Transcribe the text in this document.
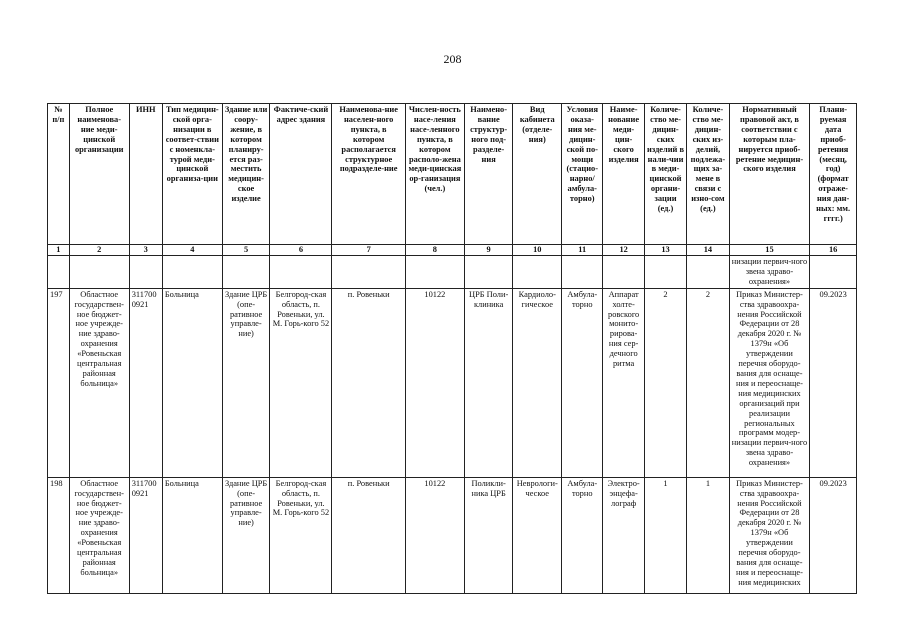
208
№ п/п	Полное наименова-ние меди-цинской организации	ИНН	Тип медицин-ской орга-низации в соответ-ствии с номенкла-турой меди-цинской организа-ции	Здание или соору-жение, в котором планиру-ется раз-местить медицин-ское изделие	Фактиче-ский адрес здания	Наименова-ние населен-ного пункта, в котором располагается структурное подразделе-ние	Числен-ность насе-ления насе-ленного пункта, в котором располо-жена меди-цинская ор-ганизация (чел.)	Наимено-вание структур-ного под-разделе-ния	Вид кабинета (отделе-ния)	Условия оказа-ния ме-дицин-ской по-мощи (стацио-нарно/ амбула-торно)	Наиме-нование меди-цин-ского изделия	Количе-ство ме-дицин-ских изделий в нали-чии в меди-цинской органи-зации (ед.)	Количе-ство ме-дицин-ских из-делий, подлежа-щих за-мене в связи с изно-сом (ед.)	Нормативный правовой акт, в соответствии с которым пла-нируется приоб-ретение медицин-ского изделия	Плани-руемая дата приоб-ретения (месяц, год) (формат отраже-ния дан-ных: мм. гггг.)
1	2	3	4	5	6	7	8	9	10	11	12	13	14	15	16
														низации первич-ного звена здраво-охранения»	
197	Областное государствен-ное бюджет-ное учрежде-ние здраво-охранения «Ровеньская центральная районная больница»	311700 0921	Больница	Здание ЦРБ (опе-ративное управле-ние)	Белгород-ская область, п. Ровеньки, ул. М. Горь-кого 52	п. Ровеньки	10122	ЦРБ Поли-клиника	Кардиоло-гическое	Амбула-торно	Аппарат холте-ровского монито-рирова-ния сер-дечного ритма	2	2	Приказ Министер-ства здравоохра-нения Российской Федерации от 28 декабря 2020 г. № 1379н «Об утверждении перечня оборудо-вания для оснаще-ния и переоснаще-ния медицинских организаций при реализации региональных программ модер-низации первич-ного звена здраво-охранения»	09.2023
198	Областное государствен-ное бюджет-ное учрежде-ние здраво-охранения «Ровеньская центральная районная больница»	311700 0921	Больница	Здание ЦРБ (опе-ративное управле-ние)	Белгород-ская область, п. Ровеньки, ул. М. Горь-кого 52	п. Ровеньки	10122	Поликли-ника ЦРБ	Неврологи-ческое	Амбула-торно	Электро-энцефа-лограф	1	1	Приказ Министер-ства здравоохра-нения Российской Федерации от 28 декабря 2020 г. № 1379н «Об утверждении перечня оборудо-вания для оснаще-ния и переоснаще-ния медицинских	09.2023
